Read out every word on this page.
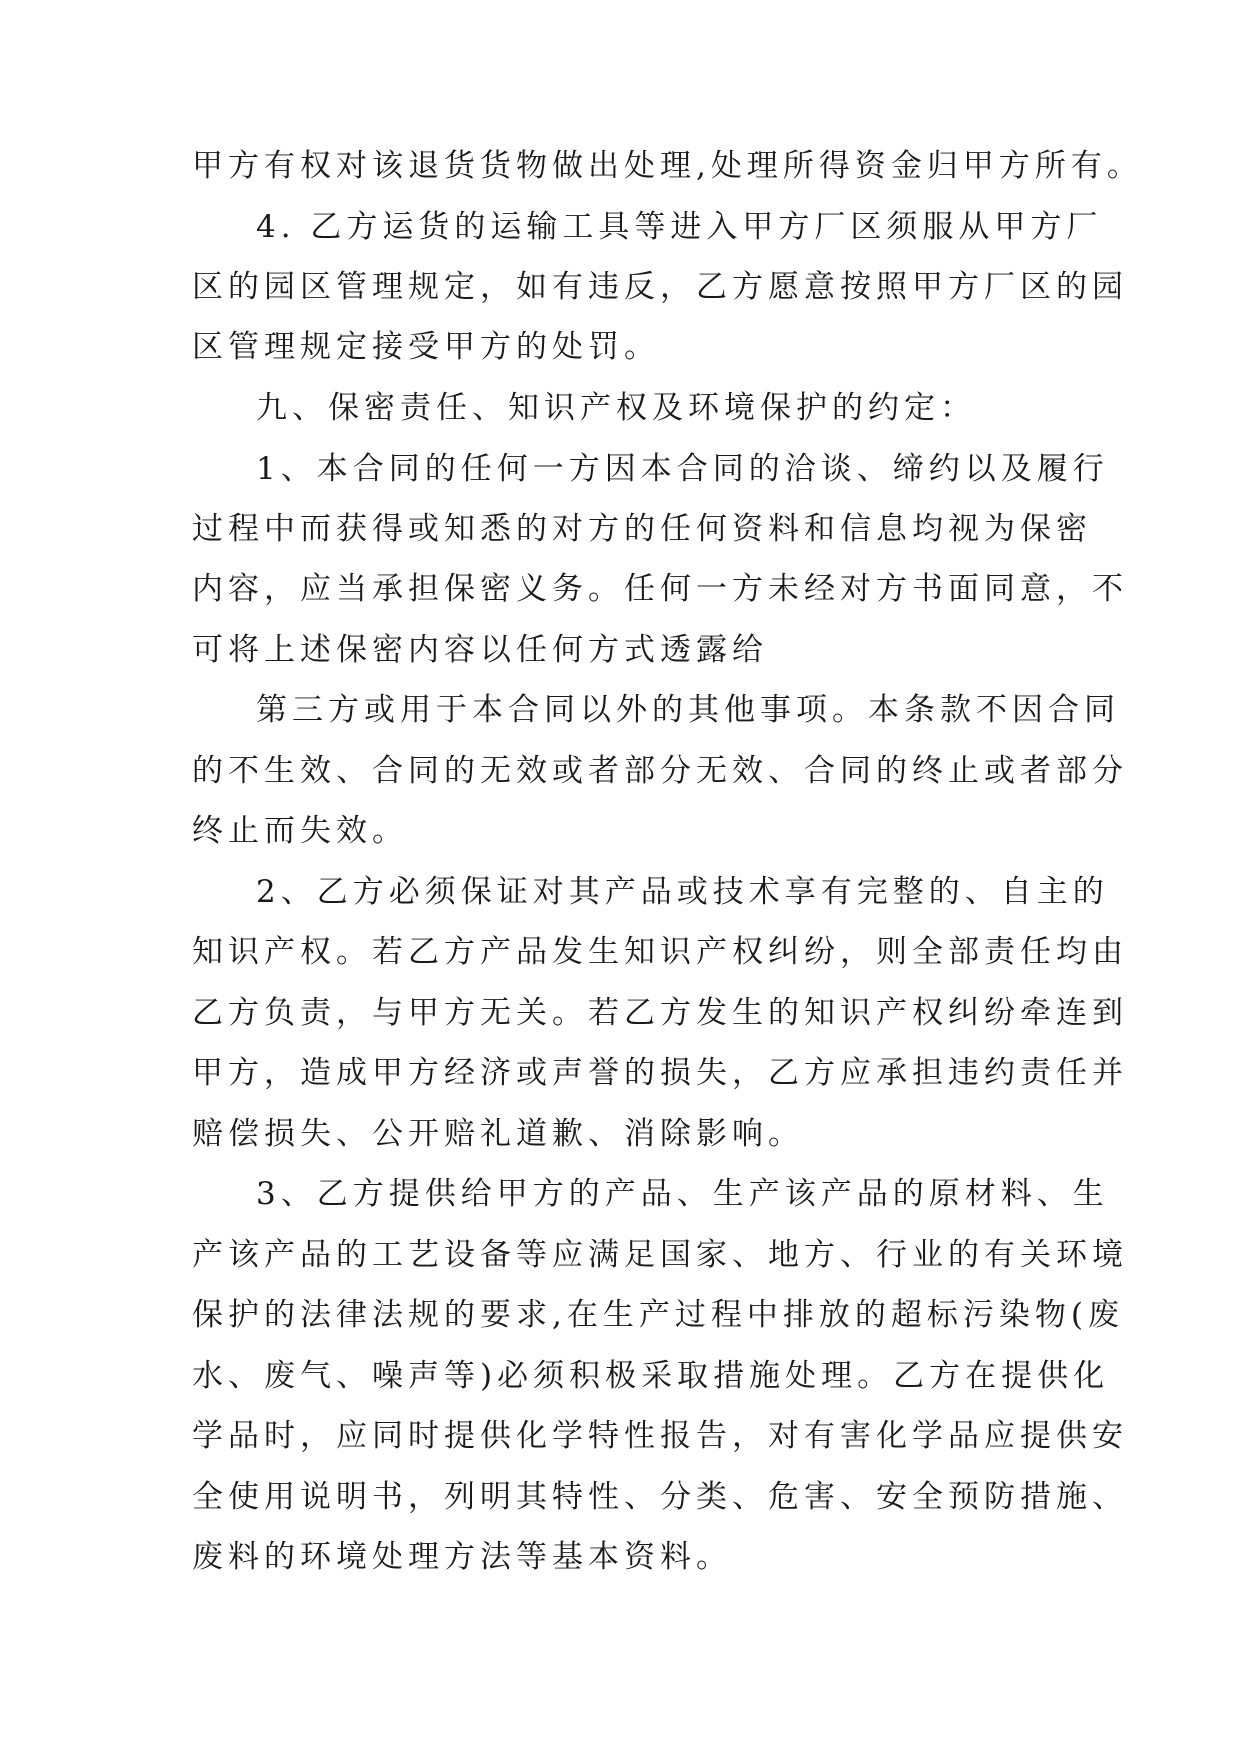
甲方有权对该退货货物做出处理,处理所得资金归甲方所有。
4. 乙方运货的运输工具等进入甲方厂区须服从甲方厂
区的园区管理规定，如有违反，乙方愿意按照甲方厂区的园
区管理规定接受甲方的处罚。
九、保密责任、知识产权及环境保护的约定：
1、本合同的任何一方因本合同的洽谈、缔约以及履行
过程中而获得或知悉的对方的任何资料和信息均视为保密
内容，应当承担保密义务。任何一方未经对方书面同意，不
可将上述保密内容以任何方式透露给
第三方或用于本合同以外的其他事项。本条款不因合同
的不生效、合同的无效或者部分无效、合同的终止或者部分
终止而失效。
2、乙方必须保证对其产品或技术享有完整的、自主的
知识产权。若乙方产品发生知识产权纠纷，则全部责任均由
乙方负责，与甲方无关。若乙方发生的知识产权纠纷牵连到
甲方，造成甲方经济或声誉的损失，乙方应承担违约责任并
赔偿损失、公开赔礼道歉、消除影响。
3、乙方提供给甲方的产品、生产该产品的原材料、生
产该产品的工艺设备等应满足国家、地方、行业的有关环境
保护的法律法规的要求,在生产过程中排放的超标污染物(废
水、废气、噪声等)必须积极采取措施处理。乙方在提供化
学品时，应同时提供化学特性报告，对有害化学品应提供安
全使用说明书，列明其特性、分类、危害、安全预防措施、
废料的环境处理方法等基本资料。
